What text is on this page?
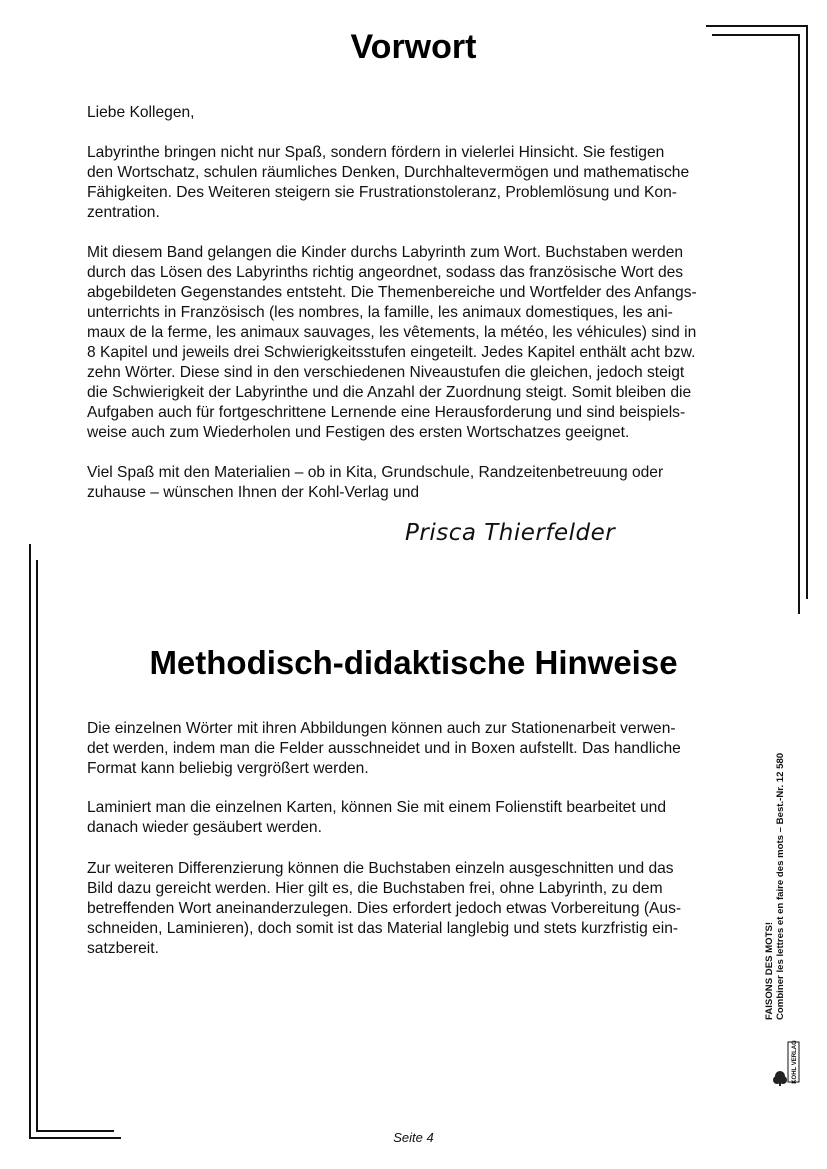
Vorwort

Liebe Kollegen,

Labyrinthe bringen nicht nur Spaß, sondern fördern in vielerlei Hinsicht. Sie festigen
den Wortschatz, schulen räumliches Denken, Durchhaltevermögen und mathematische
Fähigkeiten. Des Weiteren steigern sie Frustrationstoleranz, Problemlösung und Kon-
zentration.

Mit diesem Band gelangen die Kinder durchs Labyrinth zum Wort. Buchstaben werden
durch das Lösen des Labyrinths richtig angeordnet, sodass das französische Wort des
abgebildeten Gegenstandes entsteht. Die Themenbereiche und Wortfelder des Anfangs-
unterrichts in Französisch (les nombres, la famille, les animaux domestiques, les ani-
maux de la ferme, les animaux sauvages, les vêtements, la météo, les véhicules) sind in
8 Kapitel und jeweils drei Schwierigkeitsstufen eingeteilt. Jedes Kapitel enthält acht bzw.
zehn Wörter. Diese sind in den verschiedenen Niveaustufen die gleichen, jedoch steigt
die Schwierigkeit der Labyrinthe und die Anzahl der Zuordnung steigt. Somit bleiben die
Aufgaben auch für fortgeschrittene Lernende eine Herausforderung und sind beispiels-
weise auch zum Wiederholen und Festigen des ersten Wortschatzes geeignet.

Viel Spaß mit den Materialien – ob in Kita, Grundschule, Randzeitenbetreuung oder
zuhause – wünschen Ihnen der Kohl-Verlag und

Prisca Thierfelder
Methodisch-didaktische Hinweise

Die einzelnen Wörter mit ihren Abbildungen können auch zur Stationenarbeit verwen-
det werden, indem man die Felder ausschneidet und in Boxen aufstellt. Das handliche
Format kann beliebig vergrößert werden.

Laminiert man die einzelnen Karten, können Sie mit einem Folienstift bearbeitet und
danach wieder gesäubert werden.

Zur weiteren Differenzierung können die Buchstaben einzeln ausgeschnitten und das
Bild dazu gereicht werden. Hier gilt es, die Buchstaben frei, ohne Labyrinth, zu dem
betreffenden Wort aneinanderzulegen. Dies erfordert jedoch etwas Vorbereitung (Aus-
schneiden, Laminieren), doch somit ist das Material langlebig und stets kurzfristig ein-
satzbereit.	FAISONS DES MOTS! Combiner les lettres et en faire des mots – Best.-Nr. 12 580
KOHL VERLAG
Seite 4
